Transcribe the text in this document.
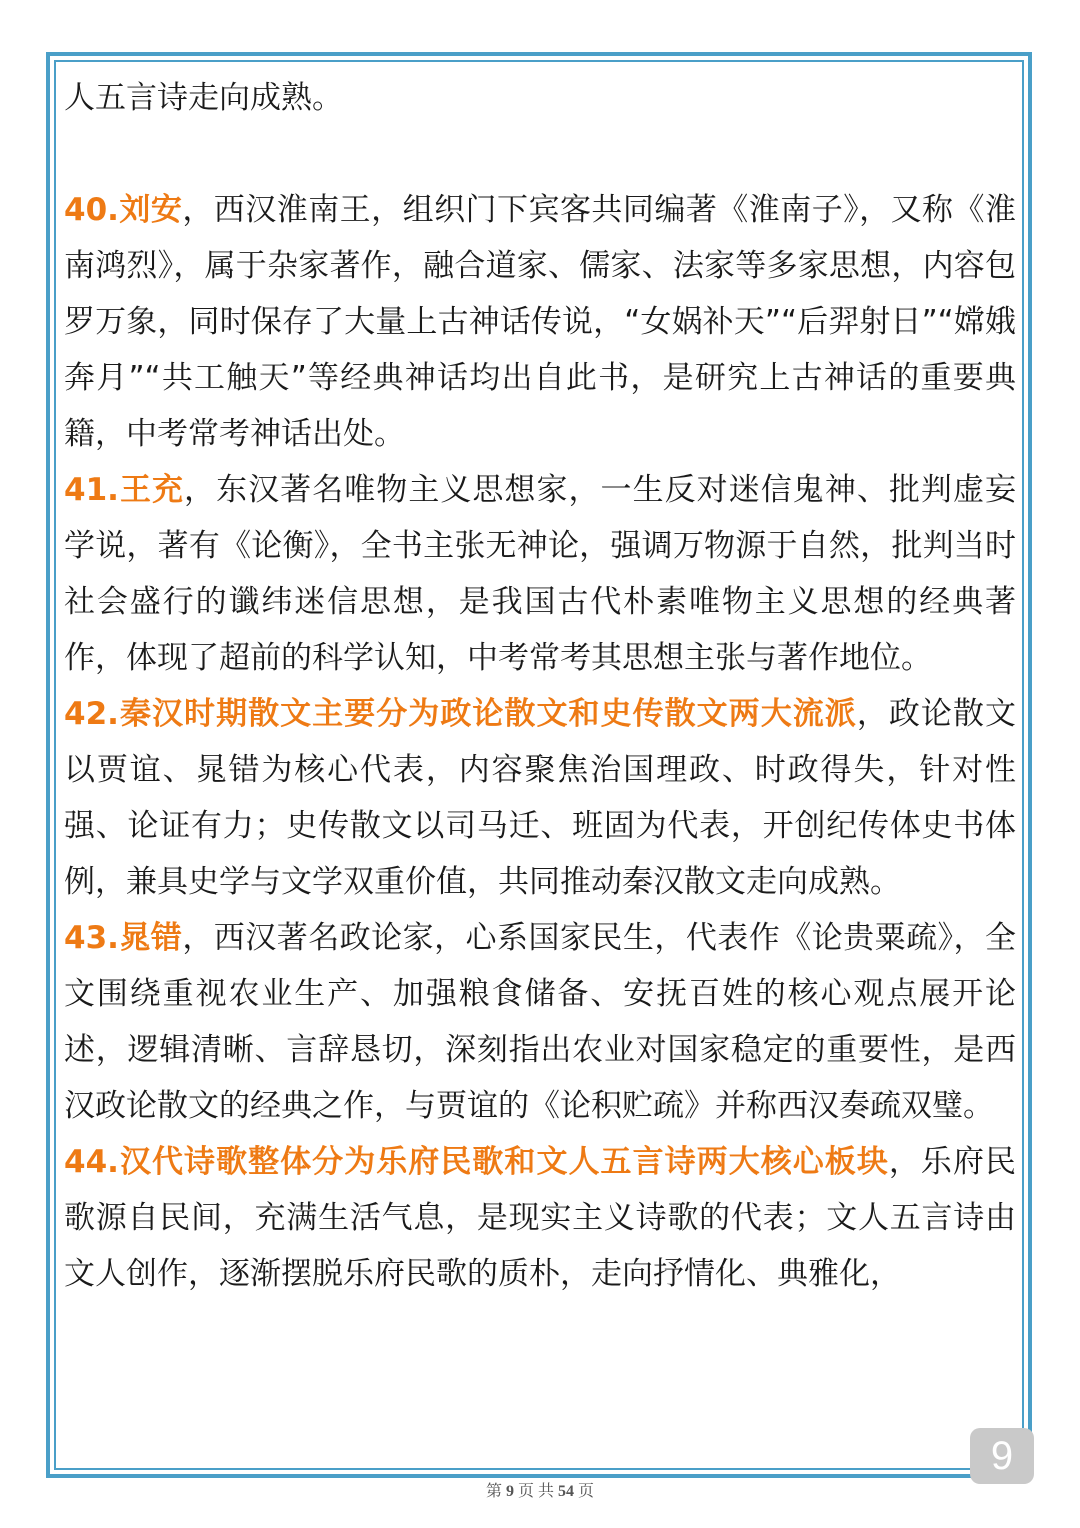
人五言诗走向成熟。

40.刘安，西汉淮南王，组织门下宾客共同编著《淮南子》，又称《淮南鸿烈》，属于杂家著作，融合道家、儒家、法家等多家思想，内容包罗万象，同时保存了大量上古神话传说，“女娲补天”“后羿射日”“嫦娥奔月”“共工触天”等经典神话均出自此书，是研究上古神话的重要典籍，中考常考神话出处。

41.王充，东汉著名唯物主义思想家，一生反对迷信鬼神、批判虚妄学说，著有《论衡》，全书主张无神论，强调万物源于自然，批判当时社会盛行的谶纬迷信思想，是我国古代朴素唯物主义思想的经典著作，体现了超前的科学认知，中考常考其思想主张与著作地位。

42.秦汉时期散文主要分为政论散文和史传散文两大流派，政论散文以贾谊、晁错为核心代表，内容聚焦治国理政、时政得失，针对性强、论证有力；史传散文以司马迁、班固为代表，开创纪传体史书体例，兼具史学与文学双重价值，共同推动秦汉散文走向成熟。

43.晁错，西汉著名政论家，心系国家民生，代表作《论贵粟疏》，全文围绕重视农业生产、加强粮食储备、安抚百姓的核心观点展开论述，逻辑清晰、言辞恳切，深刻指出农业对国家稳定的重要性，是西汉政论散文的经典之作，与贾谊的《论积贮疏》并称西汉奏疏双璧。

44.汉代诗歌整体分为乐府民歌和文人五言诗两大核心板块，乐府民歌源自民间，充满生活气息，是现实主义诗歌的代表；文人五言诗由文人创作，逐渐摆脱乐府民歌的质朴，走向抒情化、典雅化，

9
第 9 页 共 54 页
